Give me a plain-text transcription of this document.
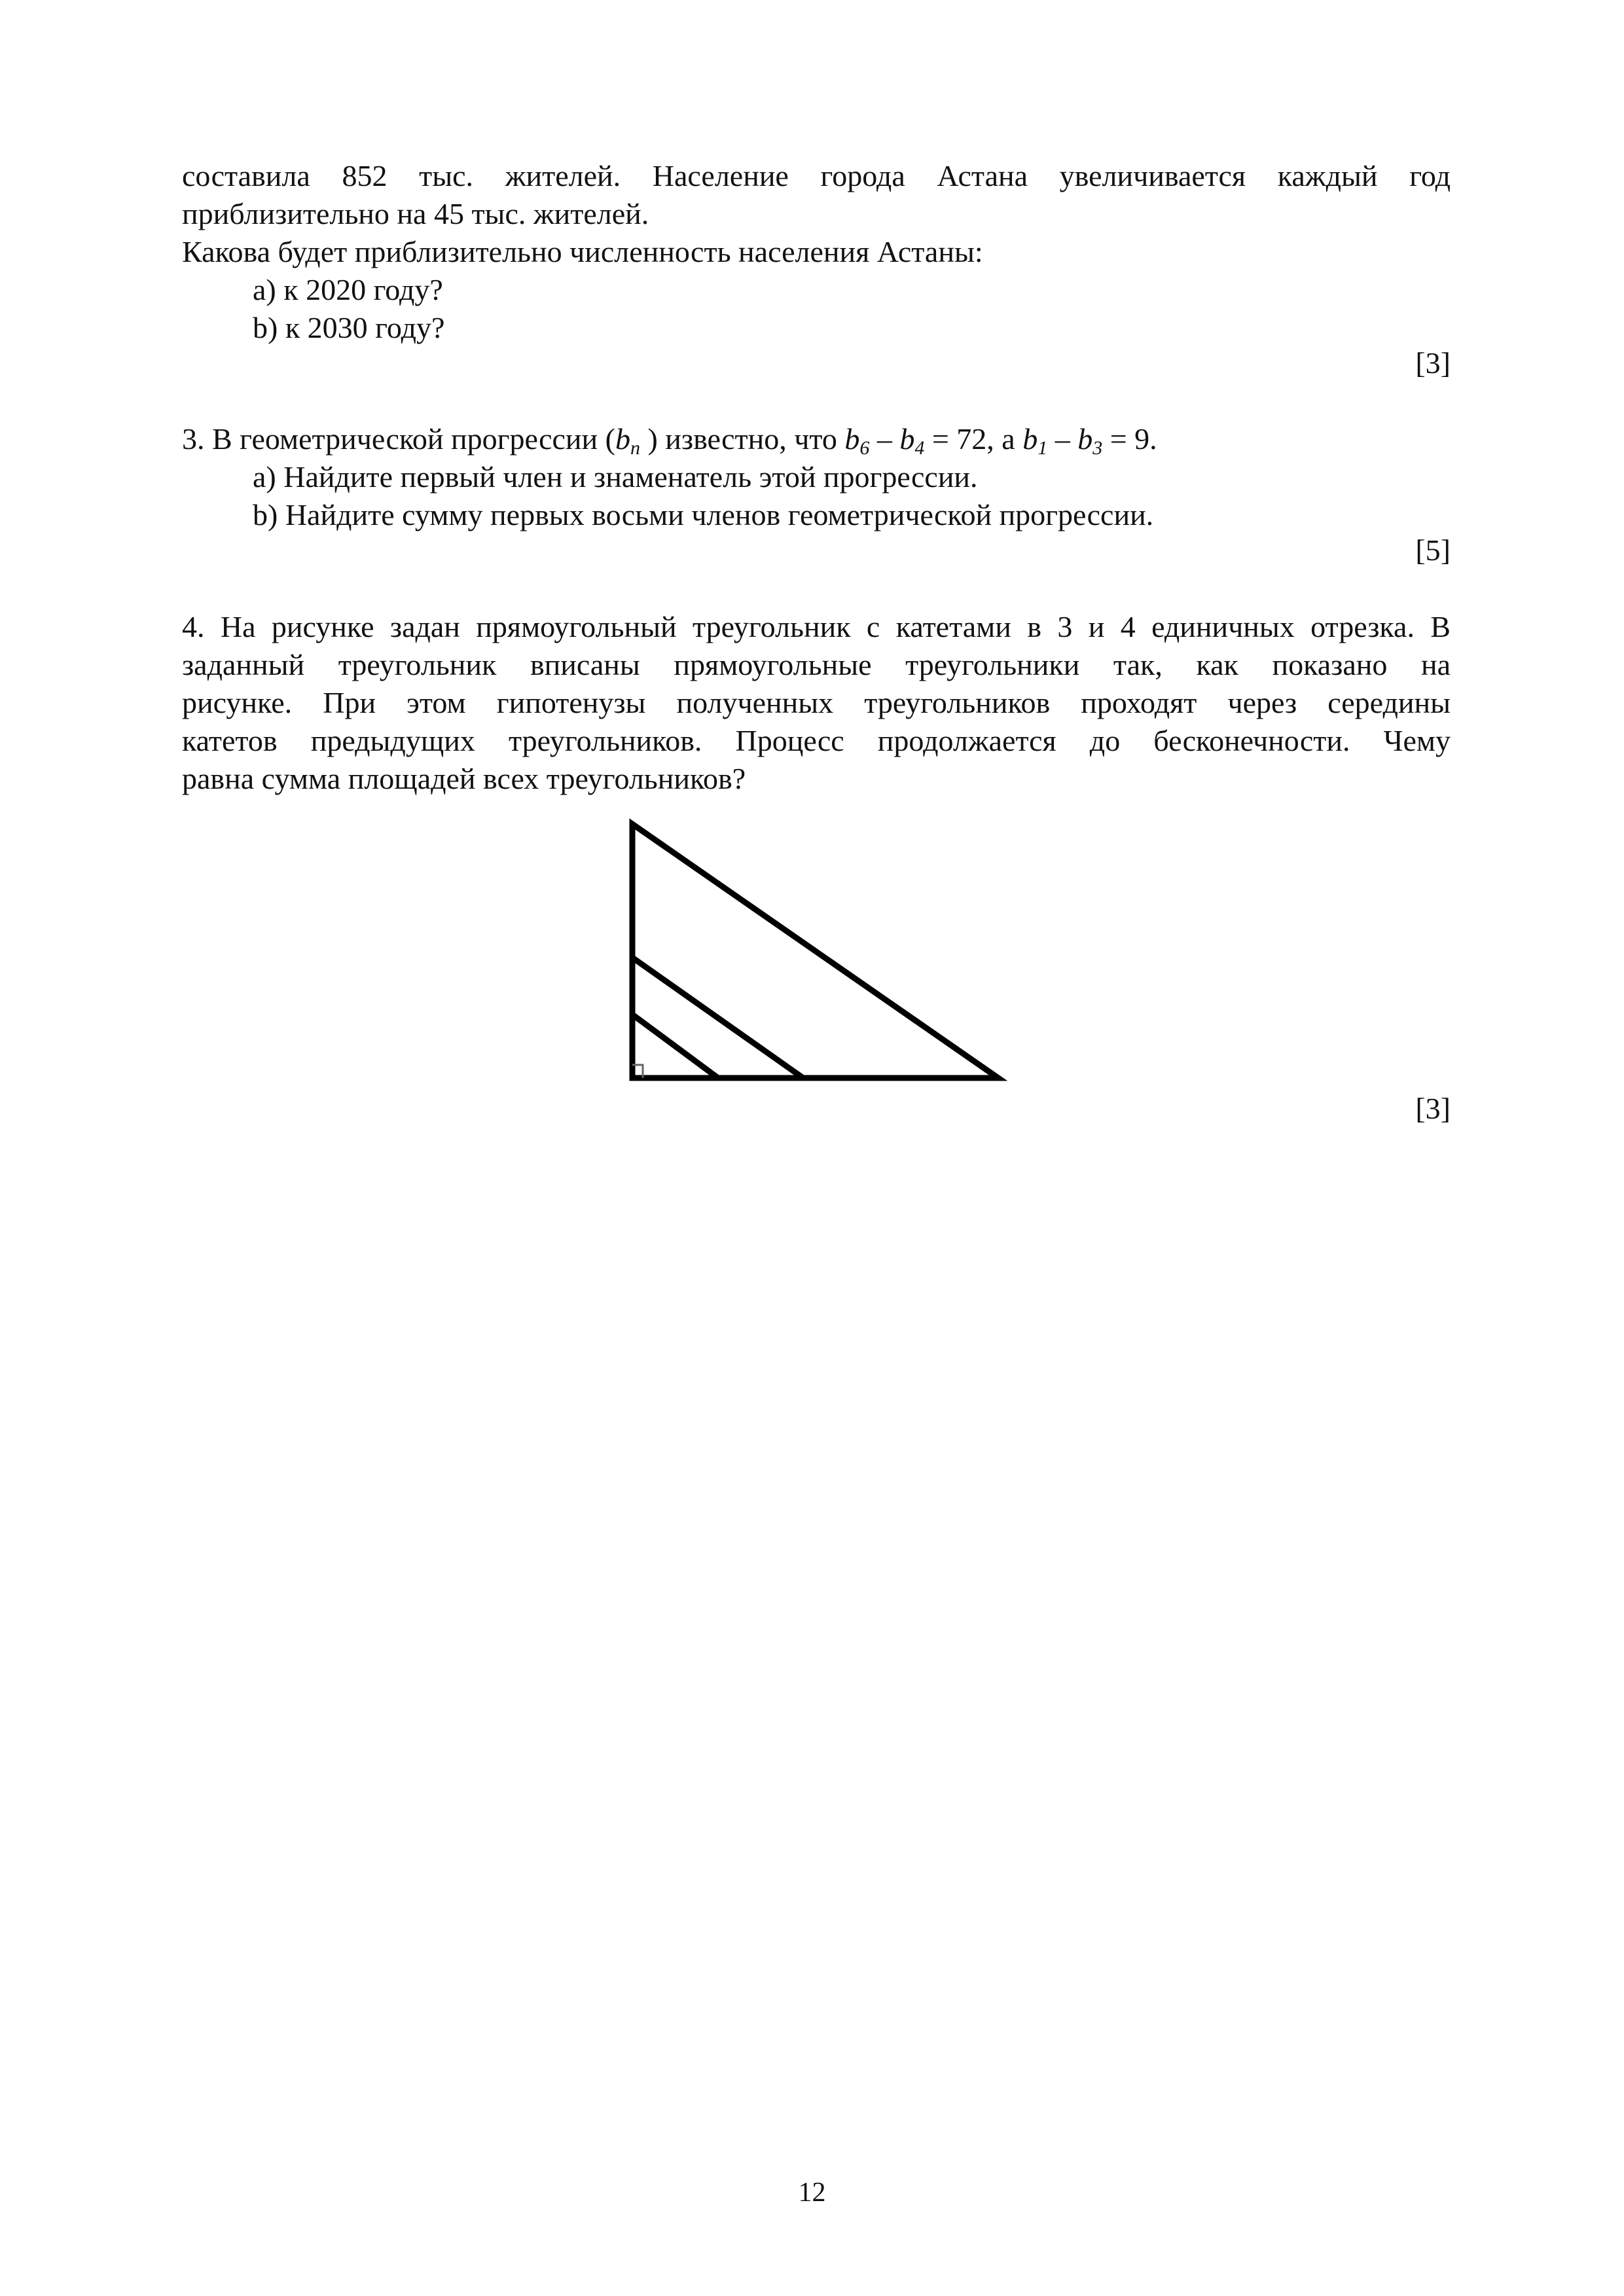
составила 852 тыс. жителей. Население города Астана увеличивается каждый год
приблизительно на 45 тыс. жителей.
Какова будет приблизительно численность населения Астаны:
a) к 2020 году?
b) к 2030 году?
[3]
3. В геометрической прогрессии ($b_n$ ) известно, что $b_6 - b_4 = 72$, а $b_1 - b_3 = 9$.
a) Найдите первый член и знаменатель этой прогрессии.
b) Найдите сумму первых восьми членов геометрической прогрессии.
[5]
4. На рисунке задан прямоугольный треугольник с катетами в 3 и 4 единичных отрезка. В
заданный треугольник вписаны прямоугольные треугольники так, как показано на
рисунке. При этом гипотенузы полученных треугольников проходят через середины
катетов предыдущих треугольников. Процесс продолжается до бесконечности. Чему
равна сумма площадей всех треугольников?
[3]
12
